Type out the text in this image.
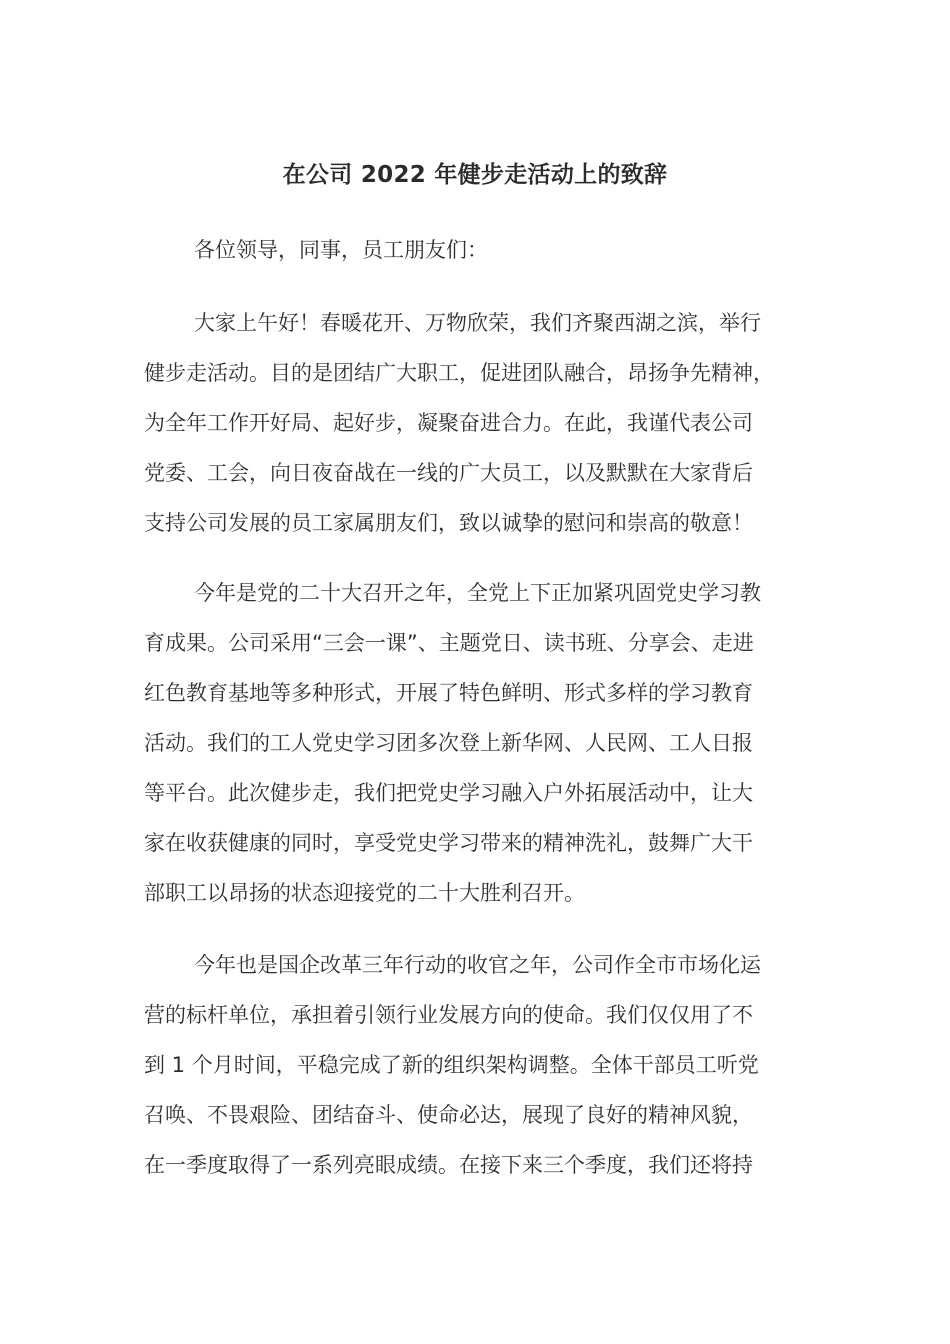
在公司 2022 年健步走活动上的致辞
各位领导，同事，员工朋友们：
大家上午好！春暖花开、万物欣荣，我们齐聚西湖之滨，举行
健步走活动。目的是团结广大职工，促进团队融合，昂扬争先精神，
为全年工作开好局、起好步，凝聚奋进合力。在此，我谨代表公司
党委、工会，向日夜奋战在一线的广大员工，以及默默在大家背后
支持公司发展的员工家属朋友们，致以诚挚的慰问和崇高的敬意！
今年是党的二十大召开之年，全党上下正加紧巩固党史学习教
育成果。公司采用“三会一课”、主题党日、读书班、分享会、走进
红色教育基地等多种形式，开展了特色鲜明、形式多样的学习教育
活动。我们的工人党史学习团多次登上新华网、人民网、工人日报
等平台。此次健步走，我们把党史学习融入户外拓展活动中，让大
家在收获健康的同时，享受党史学习带来的精神洗礼，鼓舞广大干
部职工以昂扬的状态迎接党的二十大胜利召开。
今年也是国企改革三年行动的收官之年，公司作全市市场化运
营的标杆单位，承担着引领行业发展方向的使命。我们仅仅用了不
到 1 个月时间，平稳完成了新的组织架构调整。全体干部员工听党
召唤、不畏艰险、团结奋斗、使命必达，展现了良好的精神风貌，
在一季度取得了一系列亮眼成绩。在接下来三个季度，我们还将持
